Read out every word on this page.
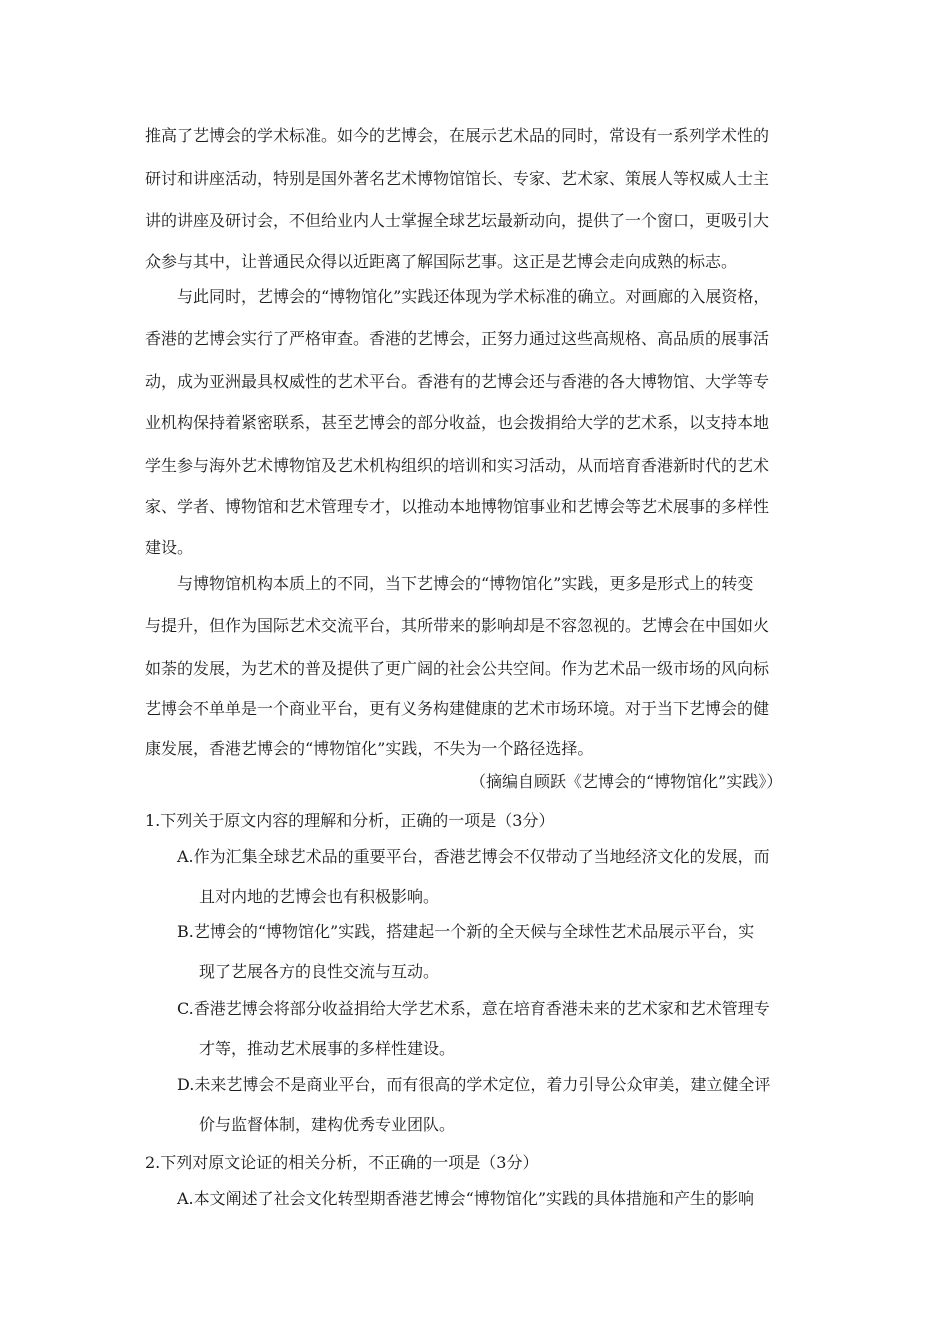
推高了艺博会的学术标准。如今的艺博会，在展示艺术品的同时，常设有一系列学术性的
研讨和讲座活动，特别是国外著名艺术博物馆馆长、专家、艺术家、策展人等权威人士主
讲的讲座及研讨会，不但给业内人士掌握全球艺坛最新动向，提供了一个窗口，更吸引大
众参与其中，让普通民众得以近距离了解国际艺事。这正是艺博会走向成熟的标志。
与此同时，艺博会的“博物馆化”实践还体现为学术标准的确立。对画廊的入展资格，
香港的艺博会实行了严格审查。香港的艺博会，正努力通过这些高规格、高品质的展事活
动，成为亚洲最具权威性的艺术平台。香港有的艺博会还与香港的各大博物馆、大学等专
业机构保持着紧密联系，甚至艺博会的部分收益，也会拨捐给大学的艺术系，以支持本地
学生参与海外艺术博物馆及艺术机构组织的培训和实习活动，从而培育香港新时代的艺术
家、学者、博物馆和艺术管理专才，以推动本地博物馆事业和艺博会等艺术展事的多样性
建设。
与博物馆机构本质上的不同，当下艺博会的“博物馆化”实践，更多是形式上的转变
与提升，但作为国际艺术交流平台，其所带来的影响却是不容忽视的。艺博会在中国如火
如荼的发展，为艺术的普及提供了更广阔的社会公共空间。作为艺术品一级市场的风向标
艺博会不单单是一个商业平台，更有义务构建健康的艺术市场环境。对于当下艺博会的健
康发展，香港艺博会的“博物馆化”实践，不失为一个路径选择。
（摘编自顾跃《艺博会的“博物馆化”实践》）
1.下列关于原文内容的理解和分析，正确的一项是（3分）
A.作为汇集全球艺术品的重要平台，香港艺博会不仅带动了当地经济文化的发展，而
且对内地的艺博会也有积极影响。
B.艺博会的“博物馆化”实践，搭建起一个新的全天候与全球性艺术品展示平台，实
现了艺展各方的良性交流与互动。
C.香港艺博会将部分收益捐给大学艺术系，意在培育香港未来的艺术家和艺术管理专
才等，推动艺术展事的多样性建设。
D.未来艺博会不是商业平台，而有很高的学术定位，着力引导公众审美，建立健全评
价与监督体制，建构优秀专业团队。
2.下列对原文论证的相关分析，不正确的一项是（3分）
A.本文阐述了社会文化转型期香港艺博会“博物馆化”实践的具体措施和产生的影响
